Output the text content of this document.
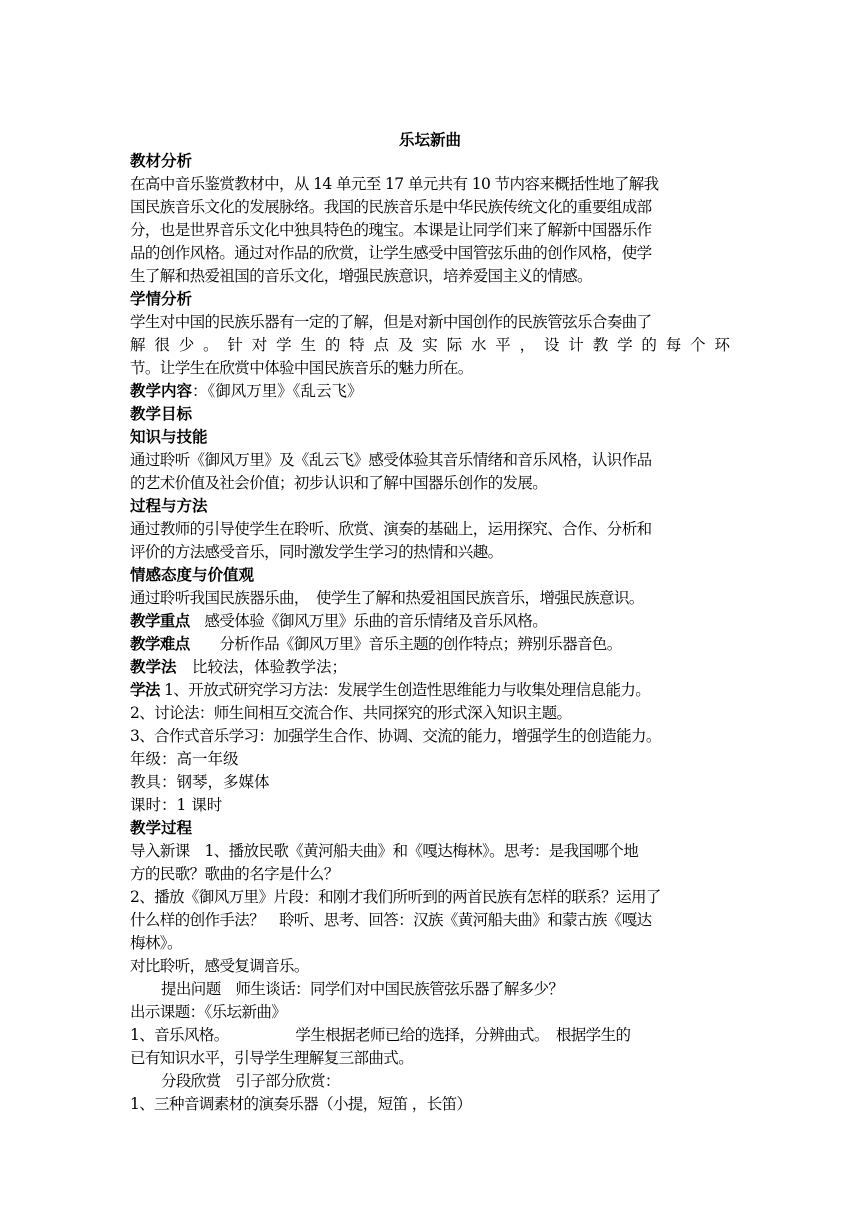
乐坛新曲
教材分析
在高中音乐鉴赏教材中，从 14 单元至 17 单元共有 10 节内容来概括性地了解我
国民族音乐文化的发展脉络。我国的民族音乐是中华民族传统文化的重要组成部
分，也是世界音乐文化中独具特色的瑰宝。本课是让同学们来了解新中国器乐作
品的创作风格。通过对作品的欣赏，让学生感受中国管弦乐曲的创作风格，使学
生了解和热爱祖国的音乐文化，增强民族意识，培养爱国主义的情感。
学情分析
学生对中国的民族乐器有一定的了解，但是对新中国创作的民族管弦乐合奏曲了
解很少。针对学生的特点及实际水平，设计教学的每个环
节。让学生在欣赏中体验中国民族音乐的魅力所在。
教学内容：《御风万里》《乱云飞》
教学目标
知识与技能
通过聆听《御风万里》及《乱云飞》感受体验其音乐情绪和音乐风格，认识作品
的艺术价值及社会价值；初步认识和了解中国器乐创作的发展。
过程与方法
通过教师的引导使学生在聆听、欣赏、演奏的基础上，运用探究、合作、分析和
评价的方法感受音乐，同时激发学生学习的热情和兴趣。
情感态度与价值观
通过聆听我国民族器乐曲，　使学生了解和热爱祖国民族音乐，增强民族意识。
教学重点　感受体验《御风万里》乐曲的音乐情绪及音乐风格。
教学难点　　分析作品《御风万里》音乐主题的创作特点；辨别乐器音色。
教学法　比较法，体验教学法；
学法 1、开放式研究学习方法：发展学生创造性思维能力与收集处理信息能力。
2、讨论法：师生间相互交流合作、共同探究的形式深入知识主题。
3、合作式音乐学习：加强学生合作、协调、交流的能力，增强学生的创造能力。
年级：高一年级
教具：钢琴，多媒体
课时：1 课时
教学过程
导入新课　1、播放民歌《黄河船夫曲》和《嘎达梅林》。思考：是我国哪个地
方的民歌？歌曲的名字是什么？
2、播放《御风万里》片段：和刚才我们所听到的两首民族有怎样的联系？运用了
什么样的创作手法？　聆听、思考、回答：汉族《黄河船夫曲》和蒙古族《嘎达
梅林》。
对比聆听，感受复调音乐。
提出问题　师生谈话：同学们对中国民族管弦乐器了解多少？
出示课题：《乐坛新曲》
1、音乐风格。　　　　　学生根据老师已给的选择，分辨曲式。　根据学生的
已有知识水平，引导学生理解复三部曲式。
分段欣赏　引子部分欣赏：
1、三种音调素材的演奏乐器（小提，短笛 ，长笛）
